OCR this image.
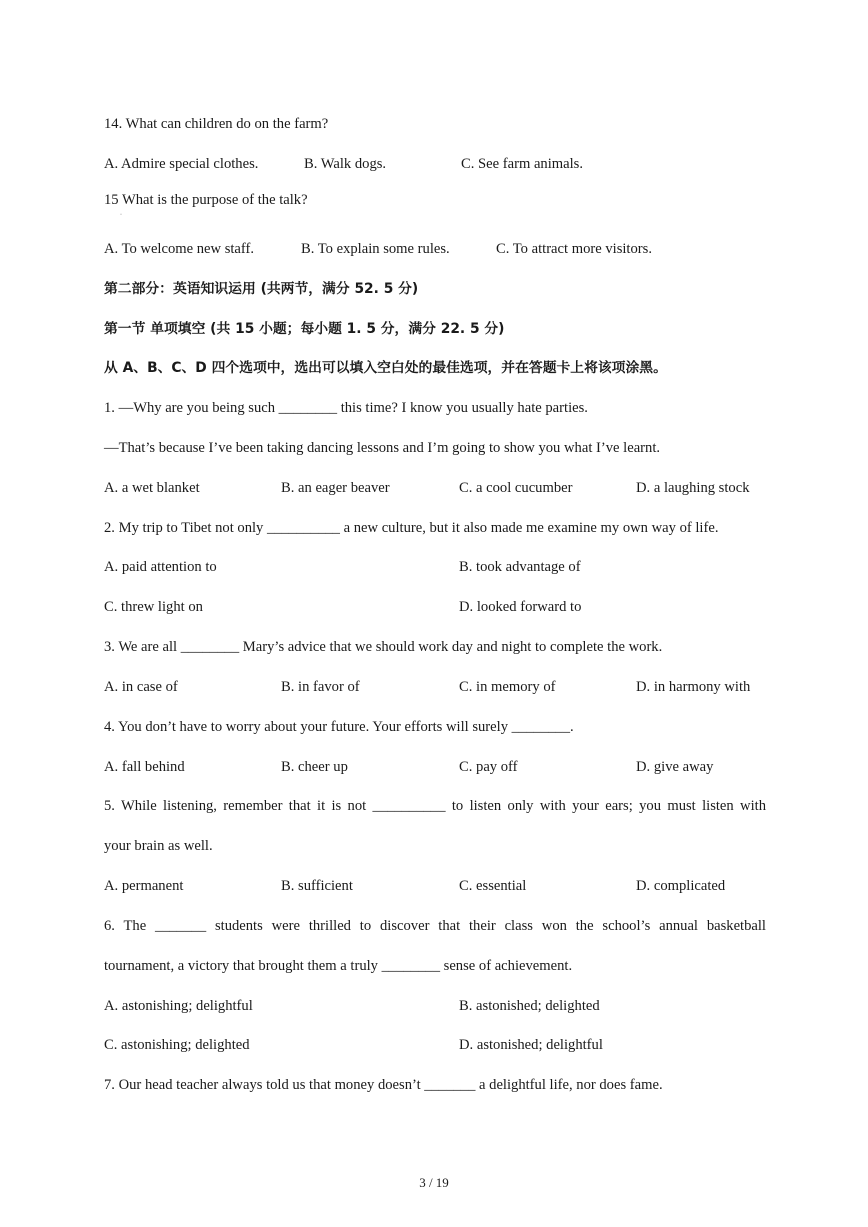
14. What can children do on the farm?
A. Admire special clothes.	B. Walk dogs.	C. See farm animals.
15 What is the purpose of the talk?
·
A. To welcome new staff.	B. To explain some rules.	C. To attract more visitors.
第二部分：英语知识运用 (共两节，满分 52. 5 分)
第一节 单项填空 (共 15 小题；每小题 1. 5 分，满分 22. 5 分)
从 A、B、C、D 四个选项中，选出可以填入空白处的最佳选项，并在答题卡上将该项涂黑。
1. —Why are you being such ________ this time? I know you usually hate parties.
—That’s because I’ve been taking dancing lessons and I’m going to show you what I’ve learnt.
A. a wet blanket	B. an eager beaver	C. a cool cucumber	D. a laughing stock
2. My trip to Tibet not only __________ a new culture, but it also made me examine my own way of life.
A. paid attention to	B. took advantage of
C. threw light on	D. looked forward to
3. We are all ________ Mary’s advice that we should work day and night to complete the work.
A. in case of	B. in favor of	C. in memory of	D. in harmony with
4. You don’t have to worry about your future. Your efforts will surely ________.
A. fall behind	B. cheer up	C. pay off	D. give away
5. While listening, remember that it is not __________ to listen only with your ears; you must listen with
your brain as well.
A. permanent	B. sufficient	C. essential	D. complicated
6. The _______ students were thrilled to discover that their class won the school’s annual basketball
tournament, a victory that brought them a truly ________ sense of achievement.
A. astonishing; delightful	B. astonished; delighted
C. astonishing; delighted	D. astonished; delightful
7. Our head teacher always told us that money doesn’t _______ a delightful life, nor does fame.
3 / 19
